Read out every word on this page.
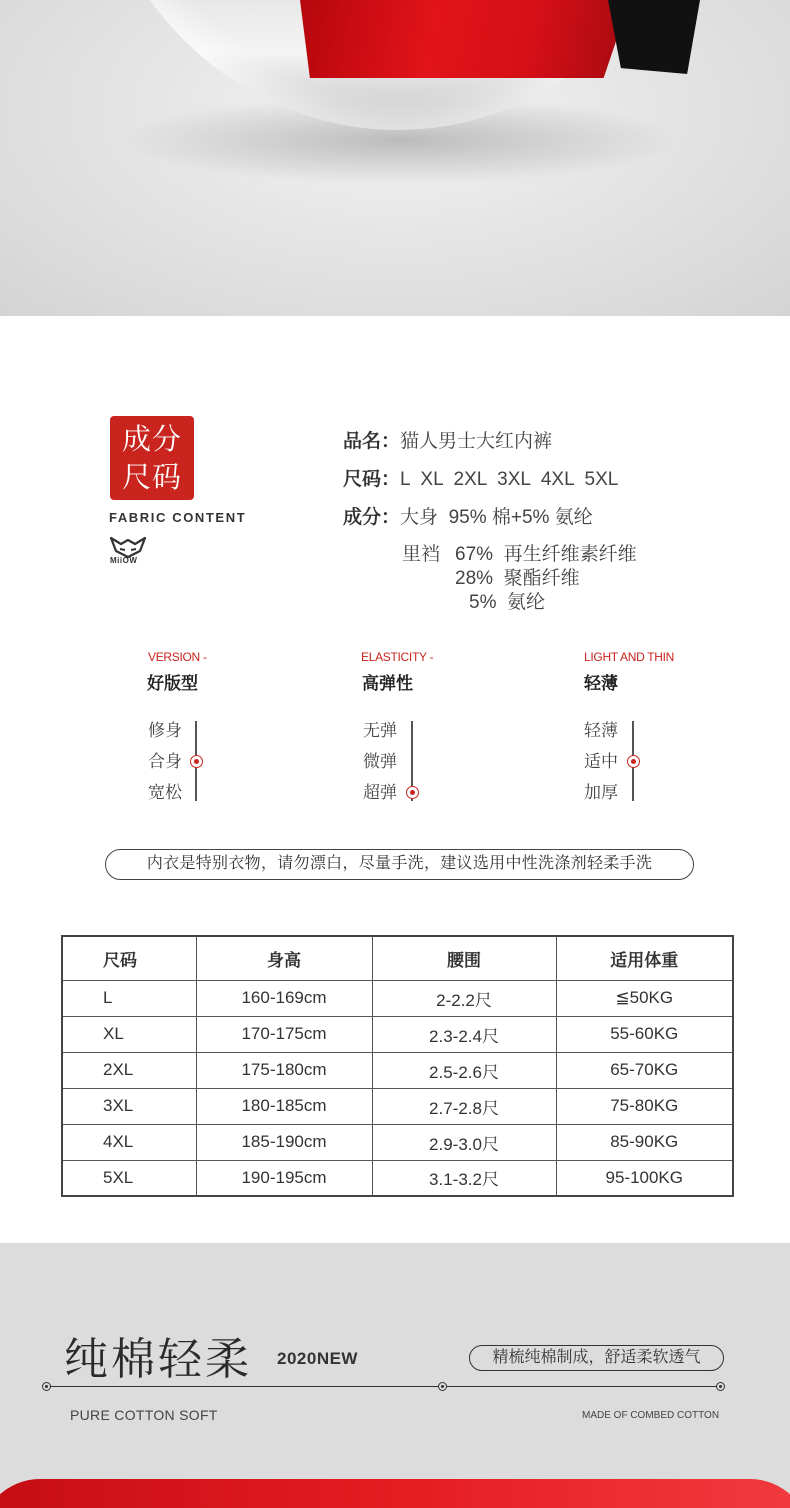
成分
尺码
FABRIC CONTENT
MiiOW
品名：猫人男士大红内裤
尺码：L  XL  2XL  3XL  4XL  5XL
成分：大身  95% 棉+5% 氨纶
里裆 67%  再生纤维素纤维
28%  聚酯纤维
5%  氨纶
VERSION -
好版型
修身
合身
宽松
ELASTICITY -
高弹性
无弹
微弹
超弹
LIGHT AND THIN
轻薄
轻薄
适中
加厚
内衣是特别衣物，请勿漂白，尽量手洗，建议选用中性洗涤剂轻柔手洗
尺码	身高	腰围	适用体重
L	160-169cm	2-2.2尺	≦50KG
XL	170-175cm	2.3-2.4尺	55-60KG
2XL	175-180cm	2.5-2.6尺	65-70KG
3XL	180-185cm	2.7-2.8尺	75-80KG
4XL	185-190cm	2.9-3.0尺	85-90KG
5XL	190-195cm	3.1-3.2尺	95-100KG
纯棉轻柔 2020NEW	精梳纯棉制成，舒适柔软透气
PURE COTTON SOFT	MADE OF COMBED COTTON
